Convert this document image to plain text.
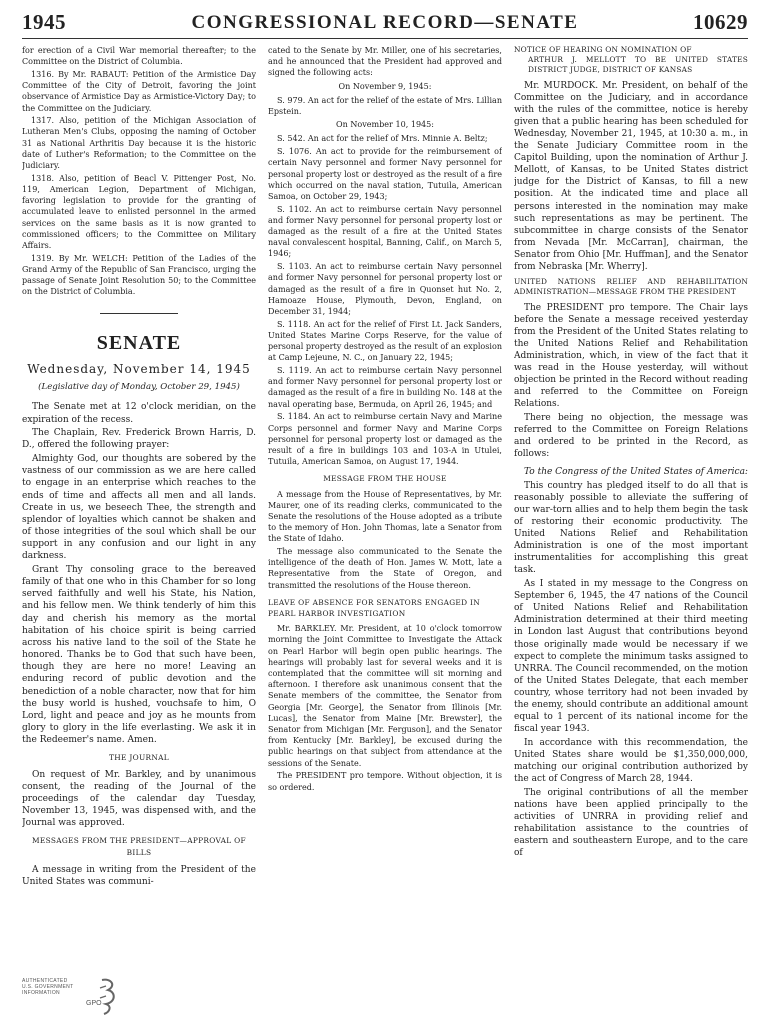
1945	CONGRESSIONAL RECORD—SENATE	10629

for erection of a Civil War memorial thereafter; to the Committee on the District of Columbia.

1316. By Mr. RABAUT: Petition of the Armistice Day Committee of the City of Detroit, favoring the joint observance of Armistice Day as Armistice-Victory Day; to the Committee on the Judiciary.

1317. Also, petition of the Michigan Association of Lutheran Men's Clubs, opposing the naming of October 31 as National Arthritis Day because it is the historic date of Luther's Reformation; to the Committee on the Judiciary.

1318. Also, petition of Beacl V. Pittenger Post, No. 119, American Legion, Department of Michigan, favoring legislation to provide for the granting of accumulated leave to enlisted personnel in the armed services on the same basis as it is now granted to commissioned officers; to the Committee on Military Affairs.

1319. By Mr. WELCH: Petition of the Ladies of the Grand Army of the Republic of San Francisco, urging the passage of Senate Joint Resolution 50; to the Committee on the District of Columbia.

SENATE
Wednesday, November 14, 1945
(Legislative day of Monday, October 29, 1945)

The Senate met at 12 o'clock meridian, on the expiration of the recess.

The Chaplain, Rev. Frederick Brown Harris, D. D., offered the following prayer:

Almighty God, our thoughts are sobered by the vastness of our commission as we are here called to engage in an enterprise which reaches to the ends of time and affects all men and all lands. Create in us, we beseech Thee, the strength and splendor of loyalties which cannot be shaken and of those integrities of the soul which shall be our support in any confusion and our light in any darkness.

Grant Thy consoling grace to the bereaved family of that one who in this Chamber for so long served faithfully and well his State, his Nation, and his fellow men. We think tenderly of him this day and cherish his memory as the mortal habitation of his choice spirit is being carried across his native land to the soil of the State he honored. Thanks be to God that such have been, though they are here no more! Leaving an enduring record of public devotion and the benediction of a noble character, now that for him the busy world is hushed, vouchsafe to him, O Lord, light and peace and joy as he mounts from glory to glory in the life everlasting. We ask it in the Redeemer's name. Amen.

THE JOURNAL

On request of Mr. Barkley, and by unanimous consent, the reading of the Journal of the proceedings of the calendar day Tuesday, November 13, 1945, was dispensed with, and the Journal was approved.

MESSAGES FROM THE PRESIDENT—APPROVAL OF BILLS

A message in writing from the President of the United States was communi-

cated to the Senate by Mr. Miller, one of his secretaries, and he announced that the President had approved and signed the following acts:

On November 9, 1945:

S. 979. An act for the relief of the estate of Mrs. Lillian Epstein.

On November 10, 1945:

S. 542. An act for the relief of Mrs. Minnie A. Beltz;

S. 1076. An act to provide for the reimbursement of certain Navy personnel and former Navy personnel for personal property lost or destroyed as the result of a fire which occurred on the naval station, Tutuila, American Samoa, on October 29, 1943;

S. 1102. An act to reimburse certain Navy personnel and former Navy personnel for personal property lost or damaged as the result of a fire at the United States naval convalescent hospital, Banning, Calif., on March 5, 1946;

S. 1103. An act to reimburse certain Navy personnel and former Navy personnel for personal property lost or damaged as the result of a fire in Quonset hut No. 2, Hamoaze House, Plymouth, Devon, England, on December 31, 1944;

S. 1118. An act for the relief of First Lt. Jack Sanders, United States Marine Corps Reserve, for the value of personal property destroyed as the result of an explosion at Camp Lejeune, N. C., on January 22, 1945;

S. 1119. An act to reimburse certain Navy personnel and former Navy personnel for personal property lost or damaged as the result of a fire in building No. 148 at the naval operating base, Bermuda, on April 26, 1945; and

S. 1184. An act to reimburse certain Navy and Marine Corps personnel and former Navy and Marine Corps personnel for personal property lost or damaged as the result of a fire in buildings 103 and 103-A in Utulei, Tutuila, American Samoa, on August 17, 1944.

MESSAGE FROM THE HOUSE

A message from the House of Representatives, by Mr. Maurer, one of its reading clerks, communicated to the Senate the resolutions of the House adopted as a tribute to the memory of Hon. John Thomas, late a Senator from the State of Idaho.

The message also communicated to the Senate the intelligence of the death of Hon. James W. Mott, late a Representative from the State of Oregon, and transmitted the resolutions of the House thereon.

LEAVE OF ABSENCE FOR SENATORS ENGAGED IN PEARL HARBOR INVESTIGATION

Mr. BARKLEY. Mr. President, at 10 o'clock tomorrow morning the Joint Committee to Investigate the Attack on Pearl Harbor will begin open public hearings. The hearings will probably last for several weeks and it is contemplated that the committee will sit morning and afternoon. I therefore ask unanimous consent that the Senate members of the committee, the Senator from Georgia [Mr. George], the Senator from Illinois [Mr. Lucas], the Senator from Maine [Mr. Brewster], the Senator from Michigan [Mr. Ferguson], and the Senator from Kentucky [Mr. Barkley], be excused during the public hearings on that subject from attendance at the sessions of the Senate.

The PRESIDENT pro tempore. Without objection, it is so ordered.

NOTICE OF HEARING ON NOMINATION OF

ARTHUR J. MELLOTT TO BE UNITED STATES DISTRICT JUDGE, DISTRICT OF KANSAS

Mr. MURDOCK. Mr. President, on behalf of the Committee on the Judiciary, and in accordance with the rules of the committee, notice is hereby given that a public hearing has been scheduled for Wednesday, November 21, 1945, at 10:30 a. m., in the Senate Judiciary Committee room in the Capitol Building, upon the nomination of Arthur J. Mellott, of Kansas, to be United States district judge for the District of Kansas, to fill a new position. At the indicated time and place all persons interested in the nomination may make such representations as may be pertinent. The subcommittee in charge consists of the Senator from Nevada [Mr. McCarran], chairman, the Senator from Ohio [Mr. Huffman], and the Senator from Nebraska [Mr. Wherry].

UNITED NATIONS RELIEF AND REHABILITATION ADMINISTRATION—MESSAGE FROM THE PRESIDENT

The PRESIDENT pro tempore. The Chair lays before the Senate a message received yesterday from the President of the United States relating to the United Nations Relief and Rehabilitation Administration, which, in view of the fact that it was read in the House yesterday, will without objection be printed in the Record without reading and referred to the Committee on Foreign Relations.

There being no objection, the message was referred to the Committee on Foreign Relations and ordered to be printed in the Record, as follows:

To the Congress of the United States of America:

This country has pledged itself to do all that is reasonably possible to alleviate the suffering of our war-torn allies and to help them begin the task of restoring their economic productivity. The United Nations Relief and Rehabilitation Administration is one of the most important instrumentalities for accomplishing this great task.

As I stated in my message to the Congress on September 6, 1945, the 47 nations of the Council of United Nations Relief and Rehabilitation Administration determined at their third meeting in London last August that contributions beyond those originally made would be necessary if we expect to complete the minimum tasks assigned to UNRRA. The Council recommended, on the motion of the United States Delegate, that each member country, whose territory had not been invaded by the enemy, should contribute an additional amount equal to 1 percent of its national income for the fiscal year 1943.

In accordance with this recommendation, the United States share would be $1,350,000,000, matching our original contribution authorized by the act of Congress of March 28, 1944.

The original contributions of all the member nations have been applied principally to the activities of UNRRA in providing relief and rehabilitation assistance to the countries of eastern and southeastern Europe, and to the care of

AUTHENTICATED
U.S. GOVERNMENT
INFORMATION
GPO
